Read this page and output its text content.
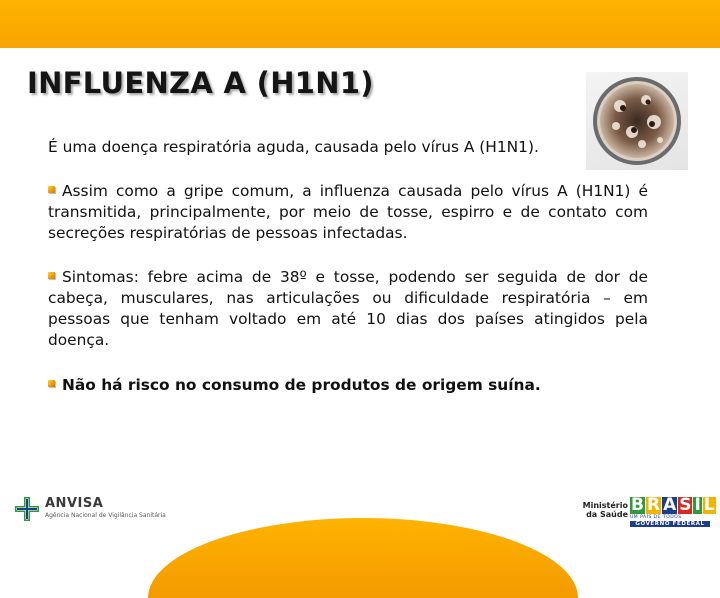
INFLUENZA A (H1N1)

É uma doença respiratória aguda, causada pelo vírus A (H1N1).

Assim como a gripe comum, a influenza causada pelo vírus A (H1N1) é transmitida, principalmente, por meio de tosse, espirro e de contato com secreções respiratórias de pessoas infectadas.

Sintomas: febre acima de 38º e tosse, podendo ser seguida de dor de cabeça, musculares, nas articulações ou dificuldade respiratória – em pessoas que tenham voltado em até 10 dias dos países atingidos pela doença.

Não há risco no consumo de produtos de origem suína.

ANVISA
Agência Nacional de Vigilância Sanitária
Ministério
da Saúde B R A S I L
UM PAÍS DE TODOS
GOVERNO FEDERAL
